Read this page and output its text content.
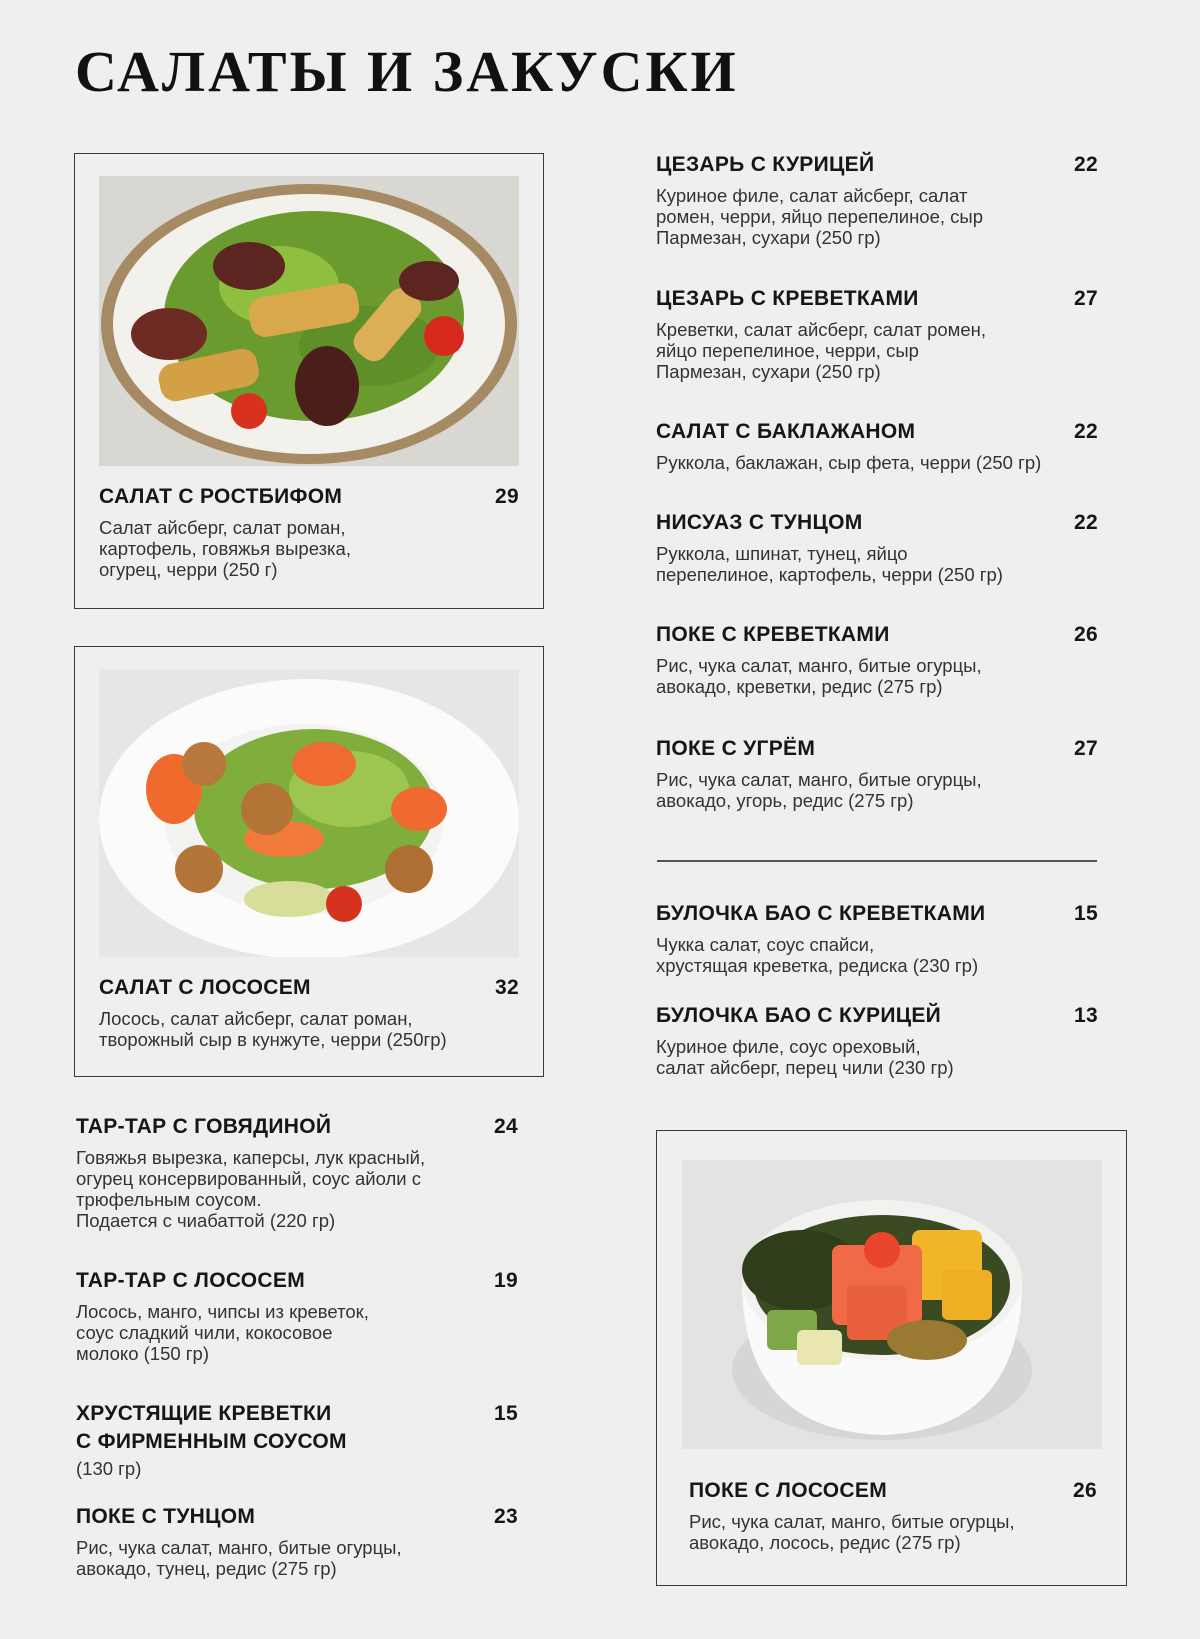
САЛАТЫ И ЗАКУСКИ
САЛАТ С РОСТБИФОМ	29
Салат айсберг, салат роман,
картофель, говяжья вырезка,
огурец, черри (250 г)
САЛАТ С ЛОСОСЕМ	32
Лосось, салат айсберг, салат роман,
творожный сыр в кунжуте, черри (250гр)
ТАР-ТАР С ГОВЯДИНОЙ	24
Говяжья вырезка, каперсы, лук красный,
огурец консервированный, соус айоли с
трюфельным соусом.
Подается с чиабаттой (220 гр)
ТАР-ТАР С ЛОСОСЕМ	19
Лосось, манго, чипсы из креветок,
соус сладкий чили, кокосовое
молоко (150 гр)
ХРУСТЯЩИЕ КРЕВЕТКИ
С ФИРМЕННЫМ СОУСОМ
15
(130 гр)
ПОКЕ С ТУНЦОМ	23
Рис, чука салат, манго, битые огурцы,
авокадо, тунец, редис (275 гр)
ЦЕЗАРЬ С КУРИЦЕЙ	22
Куриное филе, салат айсберг, салат
ромен, черри, яйцо перепелиное, сыр
Пармезан, сухари (250 гр)
ЦЕЗАРЬ С КРЕВЕТКАМИ	27
Креветки, салат айсберг, салат ромен,
яйцо перепелиное, черри, сыр
Пармезан, сухари (250 гр)
САЛАТ С БАКЛАЖАНОМ	22
Руккола, баклажан, сыр фета, черри (250 гр)
НИСУАЗ С ТУНЦОМ	22
Руккола, шпинат, тунец, яйцо
перепелиное, картофель, черри (250 гр)
ПОКЕ С КРЕВЕТКАМИ	26
Рис, чука салат, манго, битые огурцы,
авокадо, креветки, редис (275 гр)
ПОКЕ С УГРЁМ	27
Рис, чука салат, манго, битые огурцы,
авокадо, угорь, редис (275 гр)
БУЛОЧКА БАО С КРЕВЕТКАМИ	15
Чукка салат, соус спайси,
хрустящая креветка, редиска (230 гр)
БУЛОЧКА БАО С КУРИЦЕЙ	13
Куриное филе, соус ореховый,
салат айсберг, перец чили (230 гр)
ПОКЕ С ЛОСОСЕМ	26
Рис, чука салат, манго, битые огурцы,
авокадо, лосось, редис (275 гр)
